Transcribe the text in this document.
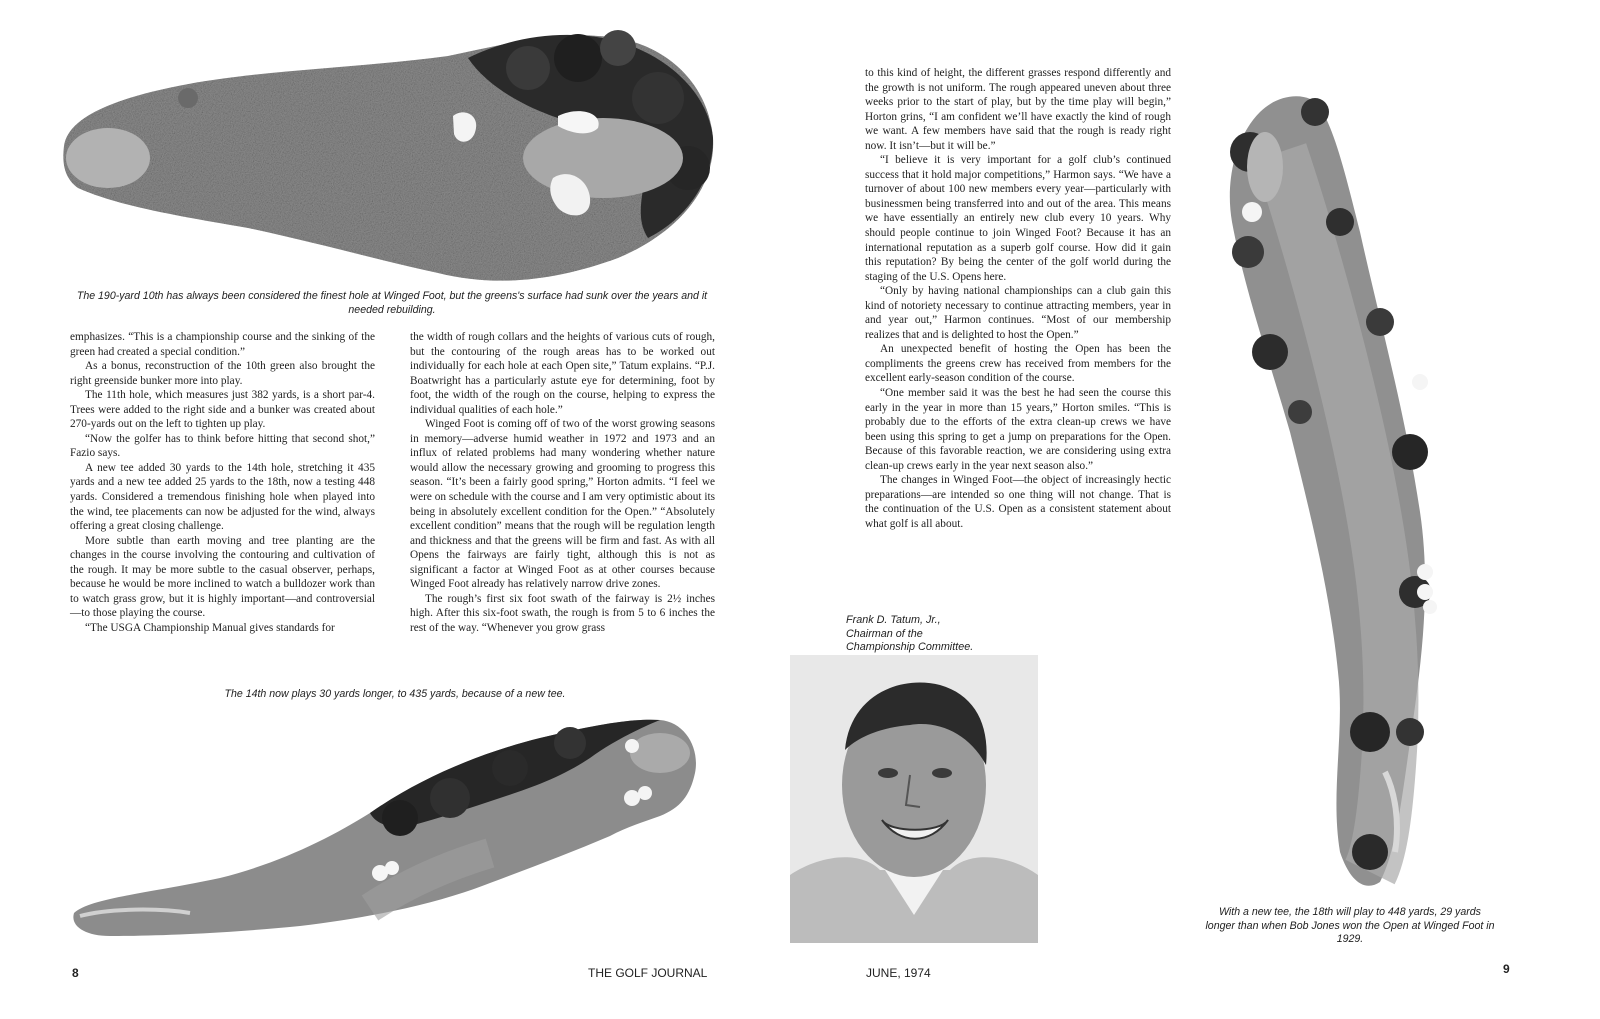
The 190-yard 10th has always been considered the finest hole at Winged Foot, but the greens's surface had sunk over the years and it needed rebuilding.

emphasizes. “This is a championship course and the sinking of the green had created a special condition.”

As a bonus, reconstruction of the 10th green also brought the right greenside bunker more into play.

The 11th hole, which measures just 382 yards, is a short par-4. Trees were added to the right side and a bunker was created about 270-yards out on the left to tighten up play.

“Now the golfer has to think before hitting that second shot,” Fazio says.

A new tee added 30 yards to the 14th hole, stretching it 435 yards and a new tee added 25 yards to the 18th, now a testing 448 yards. Considered a tremendous finishing hole when played into the wind, tee placements can now be adjusted for the wind, always offering a great closing challenge.

More subtle than earth moving and tree planting are the changes in the course involving the contouring and cultivation of the rough. It may be more subtle to the casual observer, perhaps, because he would be more inclined to watch a bulldozer work than to watch grass grow, but it is highly important—and controversial—to those playing the course.

“The USGA Championship Manual gives standards for

the width of rough collars and the heights of various cuts of rough, but the contouring of the rough areas has to be worked out individually for each hole at each Open site,” Tatum explains. “P.J. Boatwright has a particularly astute eye for determining, foot by foot, the width of the rough on the course, helping to express the individual qualities of each hole.”

Winged Foot is coming off of two of the worst growing seasons in memory—adverse humid weather in 1972 and 1973 and an influx of related problems had many wondering whether nature would allow the necessary growing and grooming to progress this season. “It’s been a fairly good spring,” Horton admits. “I feel we were on schedule with the course and I am very optimistic about its being in absolutely excellent condition for the Open.” “Absolutely excellent condition” means that the rough will be regulation length and thickness and that the greens will be firm and fast. As with all Opens the fairways are fairly tight, although this is not as significant a factor at Winged Foot as at other courses because Winged Foot already has relatively narrow drive zones.

The rough’s first six foot swath of the fairway is 2½ inches high. After this six-foot swath, the rough is from 5 to 6 inches the rest of the way. “Whenever you grow grass

The 14th now plays 30 yards longer, to 435 yards, because of a new tee.

to this kind of height, the different grasses respond differently and the growth is not uniform. The rough appeared uneven about three weeks prior to the start of play, but by the time play will begin,” Horton grins, “I am confident we’ll have exactly the kind of rough we want. A few members have said that the rough is ready right now. It isn’t—but it will be.”

“I believe it is very important for a golf club’s continued success that it hold major competitions,” Harmon says. “We have a turnover of about 100 new members every year—particularly with businessmen being transferred into and out of the area. This means we have essentially an entirely new club every 10 years. Why should people continue to join Winged Foot? Because it has an international reputation as a superb golf course. How did it gain this reputation? By being the center of the golf world during the staging of the U.S. Opens here.

“Only by having national championships can a club gain this kind of notoriety necessary to continue attracting members, year in and year out,” Harmon continues. “Most of our membership realizes that and is delighted to host the Open.”

An unexpected benefit of hosting the Open has been the compliments the greens crew has received from members for the excellent early-season condition of the course.

“One member said it was the best he had seen the course this early in the year in more than 15 years,” Horton smiles. “This is probably due to the efforts of the extra clean-up crews we have been using this spring to get a jump on preparations for the Open. Because of this favorable reaction, we are considering using extra clean-up crews early in the year next season also.”

The changes in Winged Foot—the object of increasingly hectic preparations—are intended so one thing will not change. That is the continuation of the U.S. Open as a consistent statement about what golf is all about.

Frank D. Tatum, Jr., Chairman of the Championship Committee.
With a new tee, the 18th will play to 448 yards, 29 yards longer than when Bob Jones won the Open at Winged Foot in 1929.
8	THE GOLF JOURNAL	JUNE, 1974	9
